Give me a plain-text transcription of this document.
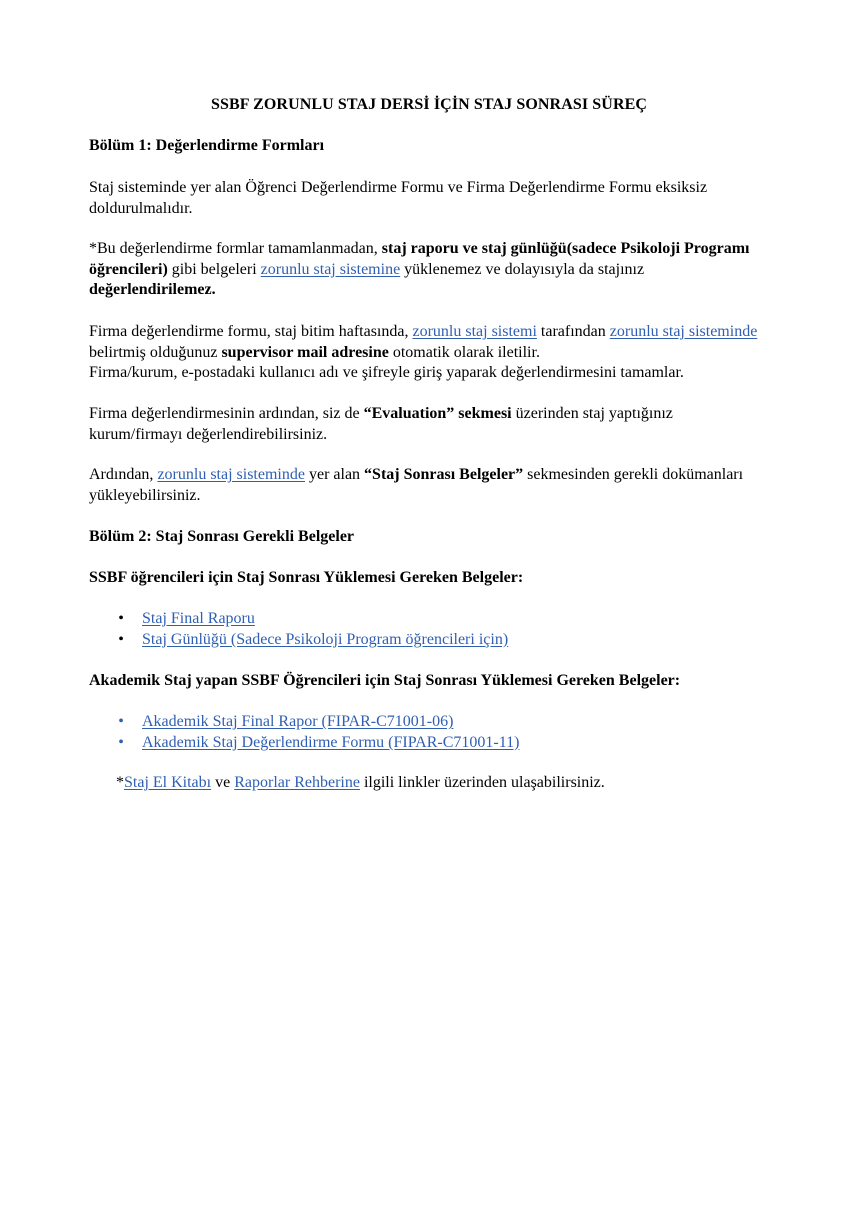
SSBF ZORUNLU STAJ DERSİ İÇİN STAJ SONRASI SÜREÇ
Bölüm 1: Değerlendirme Formları
Staj sisteminde yer alan Öğrenci Değerlendirme Formu ve Firma Değerlendirme Formu eksiksiz doldurulmalıdır.
*Bu değerlendirme formlar tamamlanmadan, staj raporu ve staj günlüğü(sadece Psikoloji Programı öğrencileri) gibi belgeleri zorunlu staj sistemine yüklenemez ve dolayısıyla da stajınız değerlendirilemez.
Firma değerlendirme formu, staj bitim haftasında, zorunlu staj sistemi tarafından zorunlu staj sisteminde belirtmiş olduğunuz supervisor mail adresine otomatik olarak iletilir.
Firma/kurum, e-postadaki kullanıcı adı ve şifreyle giriş yaparak değerlendirmesini tamamlar.
Firma değerlendirmesinin ardından, siz de “Evaluation” sekmesi üzerinden staj yaptığınız kurum/firmayı değerlendirebilirsiniz.
Ardından, zorunlu staj sisteminde yer alan “Staj Sonrası Belgeler” sekmesinden gerekli dokümanları yükleyebilirsiniz.
Bölüm 2: Staj Sonrası Gerekli Belgeler
SSBF öğrencileri için Staj Sonrası Yüklemesi Gereken Belgeler:
• Staj Final Raporu
• Staj Günlüğü (Sadece Psikoloji Program öğrencileri için)
Akademik Staj yapan SSBF Öğrencileri için Staj Sonrası Yüklemesi Gereken Belgeler:
• Akademik Staj Final Rapor (FIPAR-C71001-06)
• Akademik Staj Değerlendirme Formu (FIPAR-C71001-11)
*Staj El Kitabı ve Raporlar Rehberine ilgili linkler üzerinden ulaşabilirsiniz.
